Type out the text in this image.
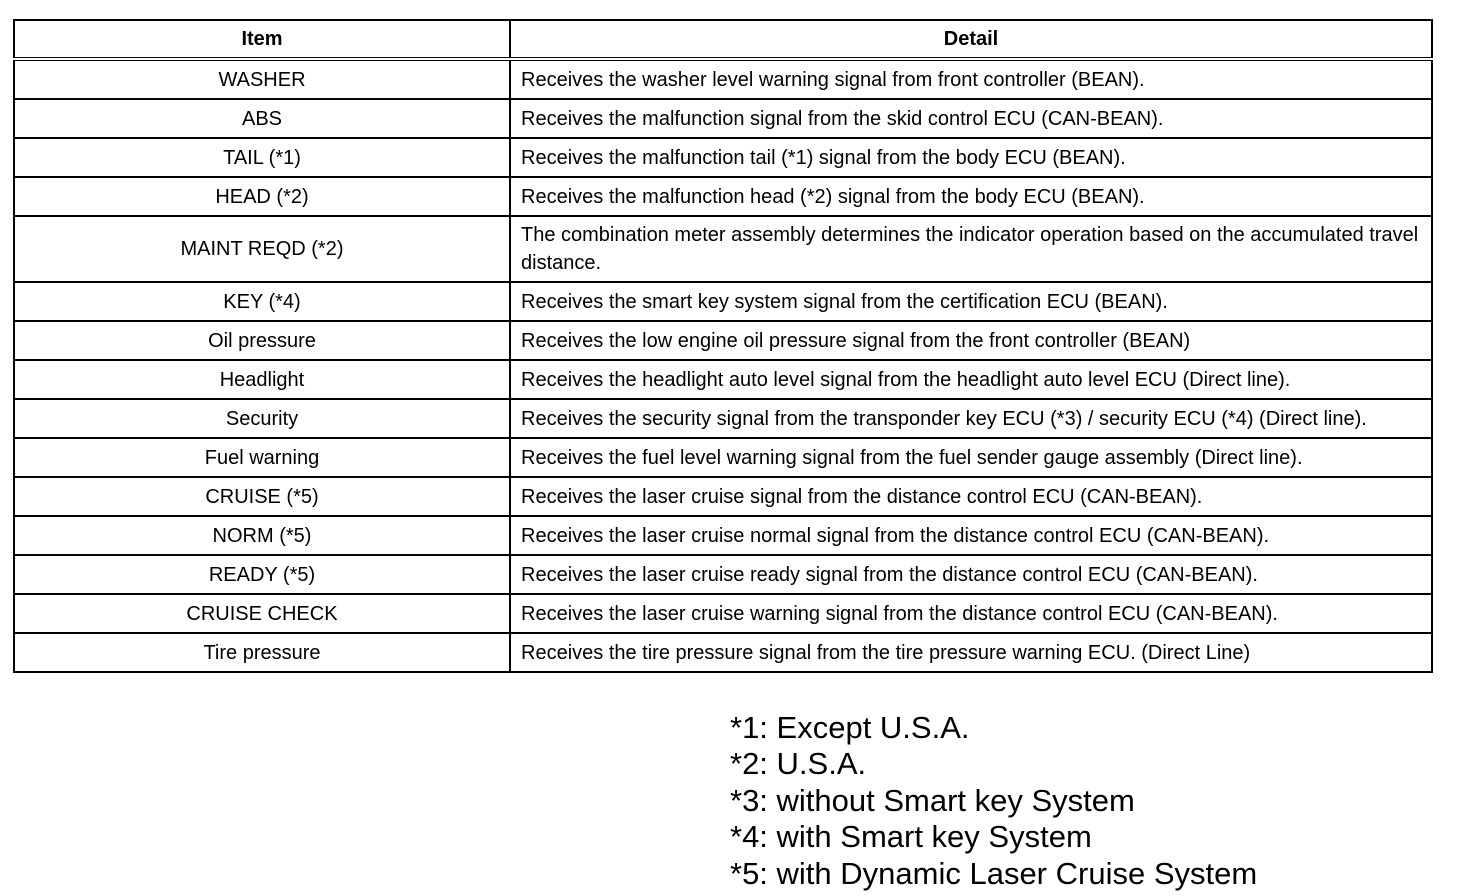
Item	Detail
WASHER	Receives the washer level warning signal from front controller (BEAN).
ABS	Receives the malfunction signal from the skid control ECU (CAN-BEAN).
TAIL (*1)	Receives the malfunction tail (*1) signal from the body ECU (BEAN).
HEAD (*2)	Receives the malfunction head (*2) signal from the body ECU (BEAN).
MAINT REQD (*2)	The combination meter assembly determines the indicator operation based on the accumulated travel distance.
KEY (*4)	Receives the smart key system signal from the certification ECU (BEAN).
Oil pressure	Receives the low engine oil pressure signal from the front controller (BEAN)
Headlight	Receives the headlight auto level signal from the headlight auto level ECU (Direct line).
Security	Receives the security signal from the transponder key ECU (*3) / security ECU (*4) (Direct line).
Fuel warning	Receives the fuel level warning signal from the fuel sender gauge assembly (Direct line).
CRUISE (*5)	Receives the laser cruise signal from the distance control ECU (CAN-BEAN).
NORM (*5)	Receives the laser cruise normal signal from the distance control ECU (CAN-BEAN).
READY (*5)	Receives the laser cruise ready signal from the distance control ECU (CAN-BEAN).
CRUISE CHECK	Receives the laser cruise warning signal from the distance control ECU (CAN-BEAN).
Tire pressure	Receives the tire pressure signal from the tire pressure warning ECU. (Direct Line)
*1: Except U.S.A.
*2: U.S.A.
*3: without Smart key System
*4: with Smart key System
*5: with Dynamic Laser Cruise System
